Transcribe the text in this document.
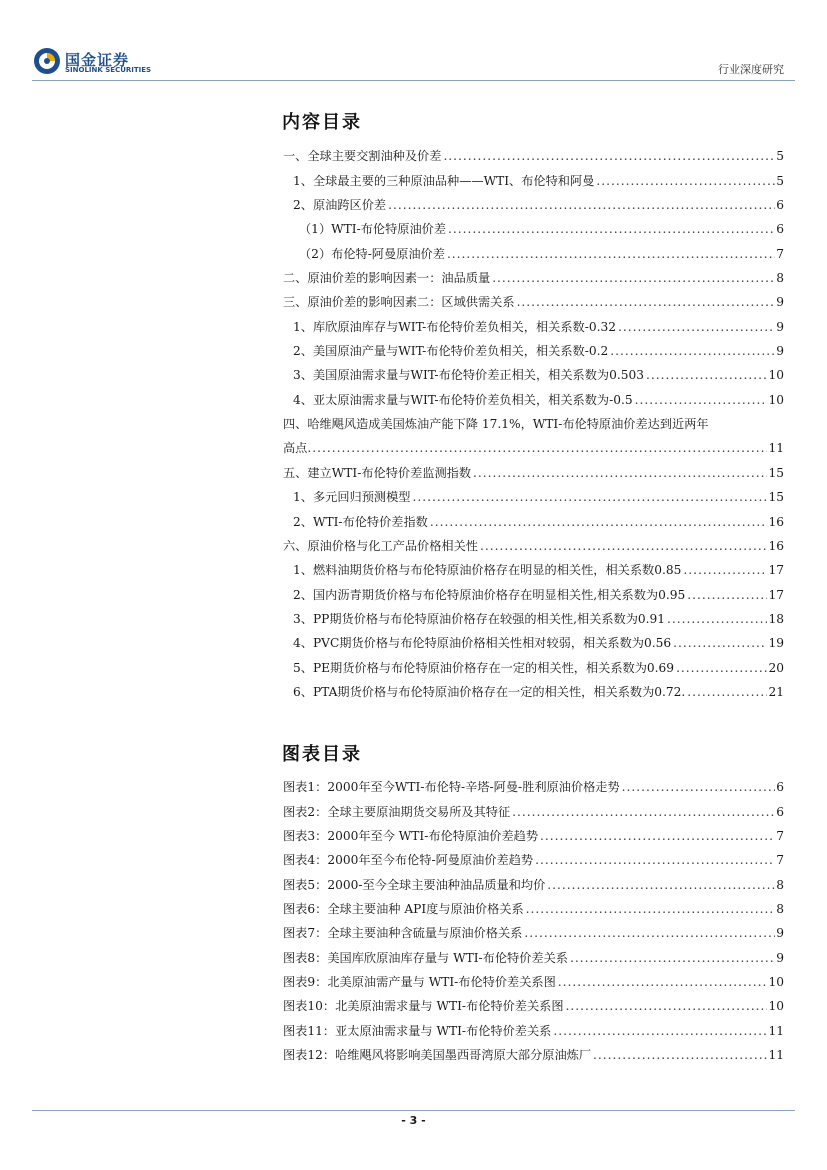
国金证券
SINOLINK SECURITIES	行业深度研究
内容目录
一、全球主要交割油种及价差 .....	5
1、全球最主要的三种原油品种——WTI、布伦特和阿曼 .....	5
2、原油跨区价差 .....	6
（1）WTI-布伦特原油价差 .....	6
（2）布伦特-阿曼原油价差 .....	7
二、原油价差的影响因素一：油品质量 .....	8
三、原油价差的影响因素二：区域供需关系 .....	9
1、库欣原油库存与WIT-布伦特价差负相关，相关系数-0.32 .....	9
2、美国原油产量与WIT-布伦特价差负相关，相关系数-0.2 .....	9
3、美国原油需求量与WIT-布伦特价差正相关，相关系数为0.503 .....	10
4、亚太原油需求量与WIT-布伦特价差负相关，相关系数为-0.5 .....	10
四、哈维飓风造成美国炼油产能下降 17.1%，WTI-布伦特原油价差达到近两年
高点 .....	11
五、建立WTI-布伦特价差监测指数 .....	15
1、多元回归预测模型 .....	15
2、WTI-布伦特价差指数 .....	16
六、原油价格与化工产品价格相关性 .....	16
1、燃料油期货价格与布伦特原油价格存在明显的相关性，相关系数0.85 .....	17
2、国内沥青期货价格与布伦特原油价格存在明显相关性,相关系数为0.95 .....	17
3、PP期货价格与布伦特原油价格存在较强的相关性,相关系数为0.91 .....	18
4、PVC期货价格与布伦特原油价格相关性相对较弱，相关系数为0.56 .....	19
5、PE期货价格与布伦特原油价格存在一定的相关性，相关系数为0.69 .....	20
6、PTA期货价格与布伦特原油价格存在一定的相关性，相关系数为0.72. .....	21
图表目录
图表1：2000年至今WTI-布伦特-辛塔-阿曼-胜利原油价格走势 .....	6
图表2：全球主要原油期货交易所及其特征 .....	6
图表3：2000年至今 WTI-布伦特原油价差趋势 .....	7
图表4：2000年至今布伦特-阿曼原油价差趋势 .....	7
图表5：2000-至今全球主要油种油品质量和均价 .....	8
图表6：全球主要油种 API度与原油价格关系 .....	8
图表7：全球主要油种含硫量与原油价格关系 .....	9
图表8：美国库欣原油库存量与 WTI-布伦特价差关系 .....	9
图表9：北美原油需产量与 WTI-布伦特价差关系图 .....	10
图表10：北美原油需求量与 WTI-布伦特价差关系图 .....	10
图表11：亚太原油需求量与 WTI-布伦特价差关系 .....	11
图表12：哈维飓风将影响美国墨西哥湾原大部分原油炼厂 .....	11
- 3 -
